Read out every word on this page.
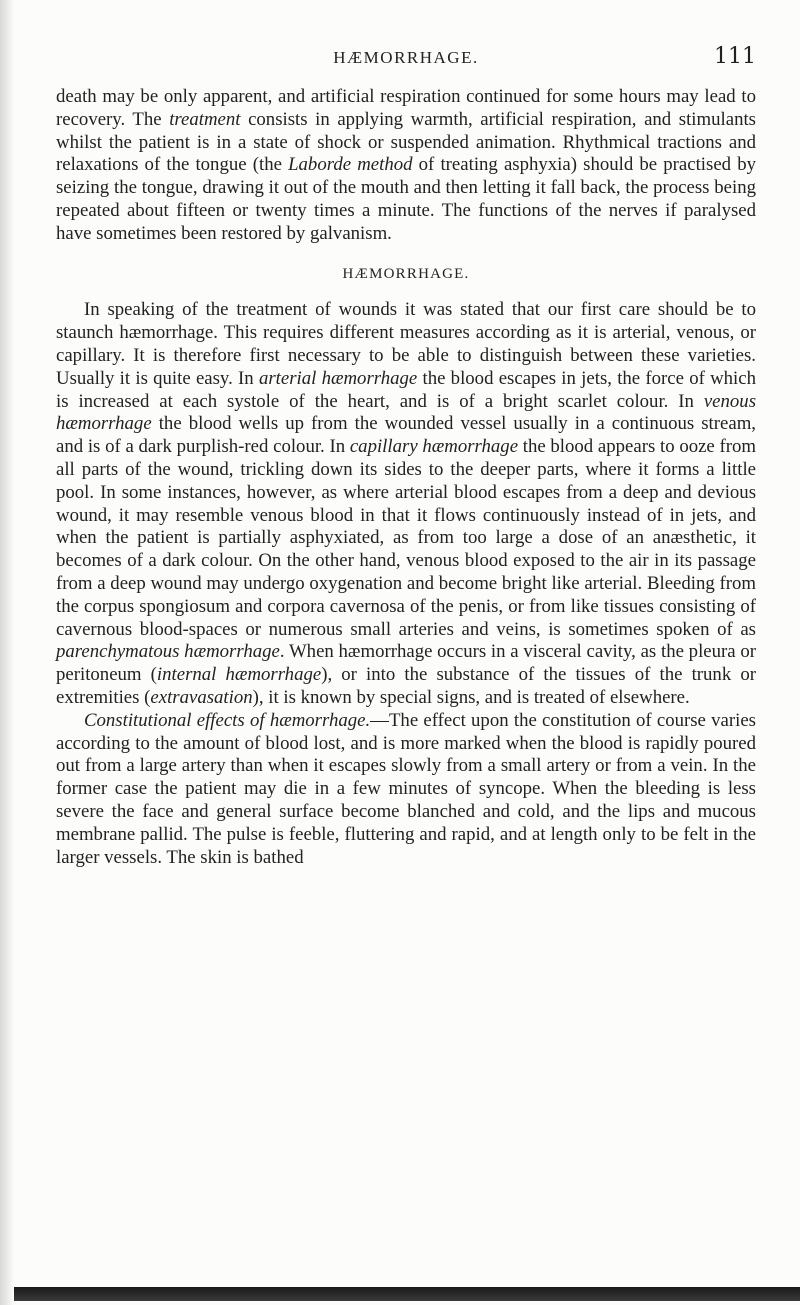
HÆMORRHAGE.	111

death may be only apparent, and artificial respiration continued for some hours may lead to recovery. The treatment consists in applying warmth, artificial respiration, and stimulants whilst the patient is in a state of shock or suspended animation. Rhythmical tractions and relaxations of the tongue (the Laborde method of treating asphyxia) should be practised by seizing the tongue, drawing it out of the mouth and then letting it fall back, the process being repeated about fifteen or twenty times a minute. The functions of the nerves if paralysed have sometimes been restored by galvanism.

HÆMORRHAGE.

In speaking of the treatment of wounds it was stated that our first care should be to staunch hæmorrhage. This requires different measures according as it is arterial, venous, or capillary. It is therefore first necessary to be able to distinguish between these varieties. Usually it is quite easy. In arterial hæmorrhage the blood escapes in jets, the force of which is increased at each systole of the heart, and is of a bright scarlet colour. In venous hæmorrhage the blood wells up from the wounded vessel usually in a continuous stream, and is of a dark purplish-red colour. In capillary hæmorrhage the blood appears to ooze from all parts of the wound, trickling down its sides to the deeper parts, where it forms a little pool. In some instances, however, as where arterial blood escapes from a deep and devious wound, it may resemble venous blood in that it flows continuously instead of in jets, and when the patient is partially asphyxiated, as from too large a dose of an anæsthetic, it becomes of a dark colour. On the other hand, venous blood exposed to the air in its passage from a deep wound may undergo oxygenation and become bright like arterial. Bleeding from the corpus spongiosum and corpora cavernosa of the penis, or from like tissues consisting of cavernous blood-spaces or numerous small arteries and veins, is sometimes spoken of as parenchymatous hæmorrhage. When hæmorrhage occurs in a visceral cavity, as the pleura or peritoneum (internal hæmorrhage), or into the substance of the tissues of the trunk or extremities (extravasation), it is known by special signs, and is treated of elsewhere.

Constitutional effects of hæmorrhage.—The effect upon the constitution of course varies according to the amount of blood lost, and is more marked when the blood is rapidly poured out from a large artery than when it escapes slowly from a small artery or from a vein. In the former case the patient may die in a few minutes of syncope. When the bleeding is less severe the face and general surface become blanched and cold, and the lips and mucous membrane pallid. The pulse is feeble, fluttering and rapid, and at length only to be felt in the larger vessels. The skin is bathed
